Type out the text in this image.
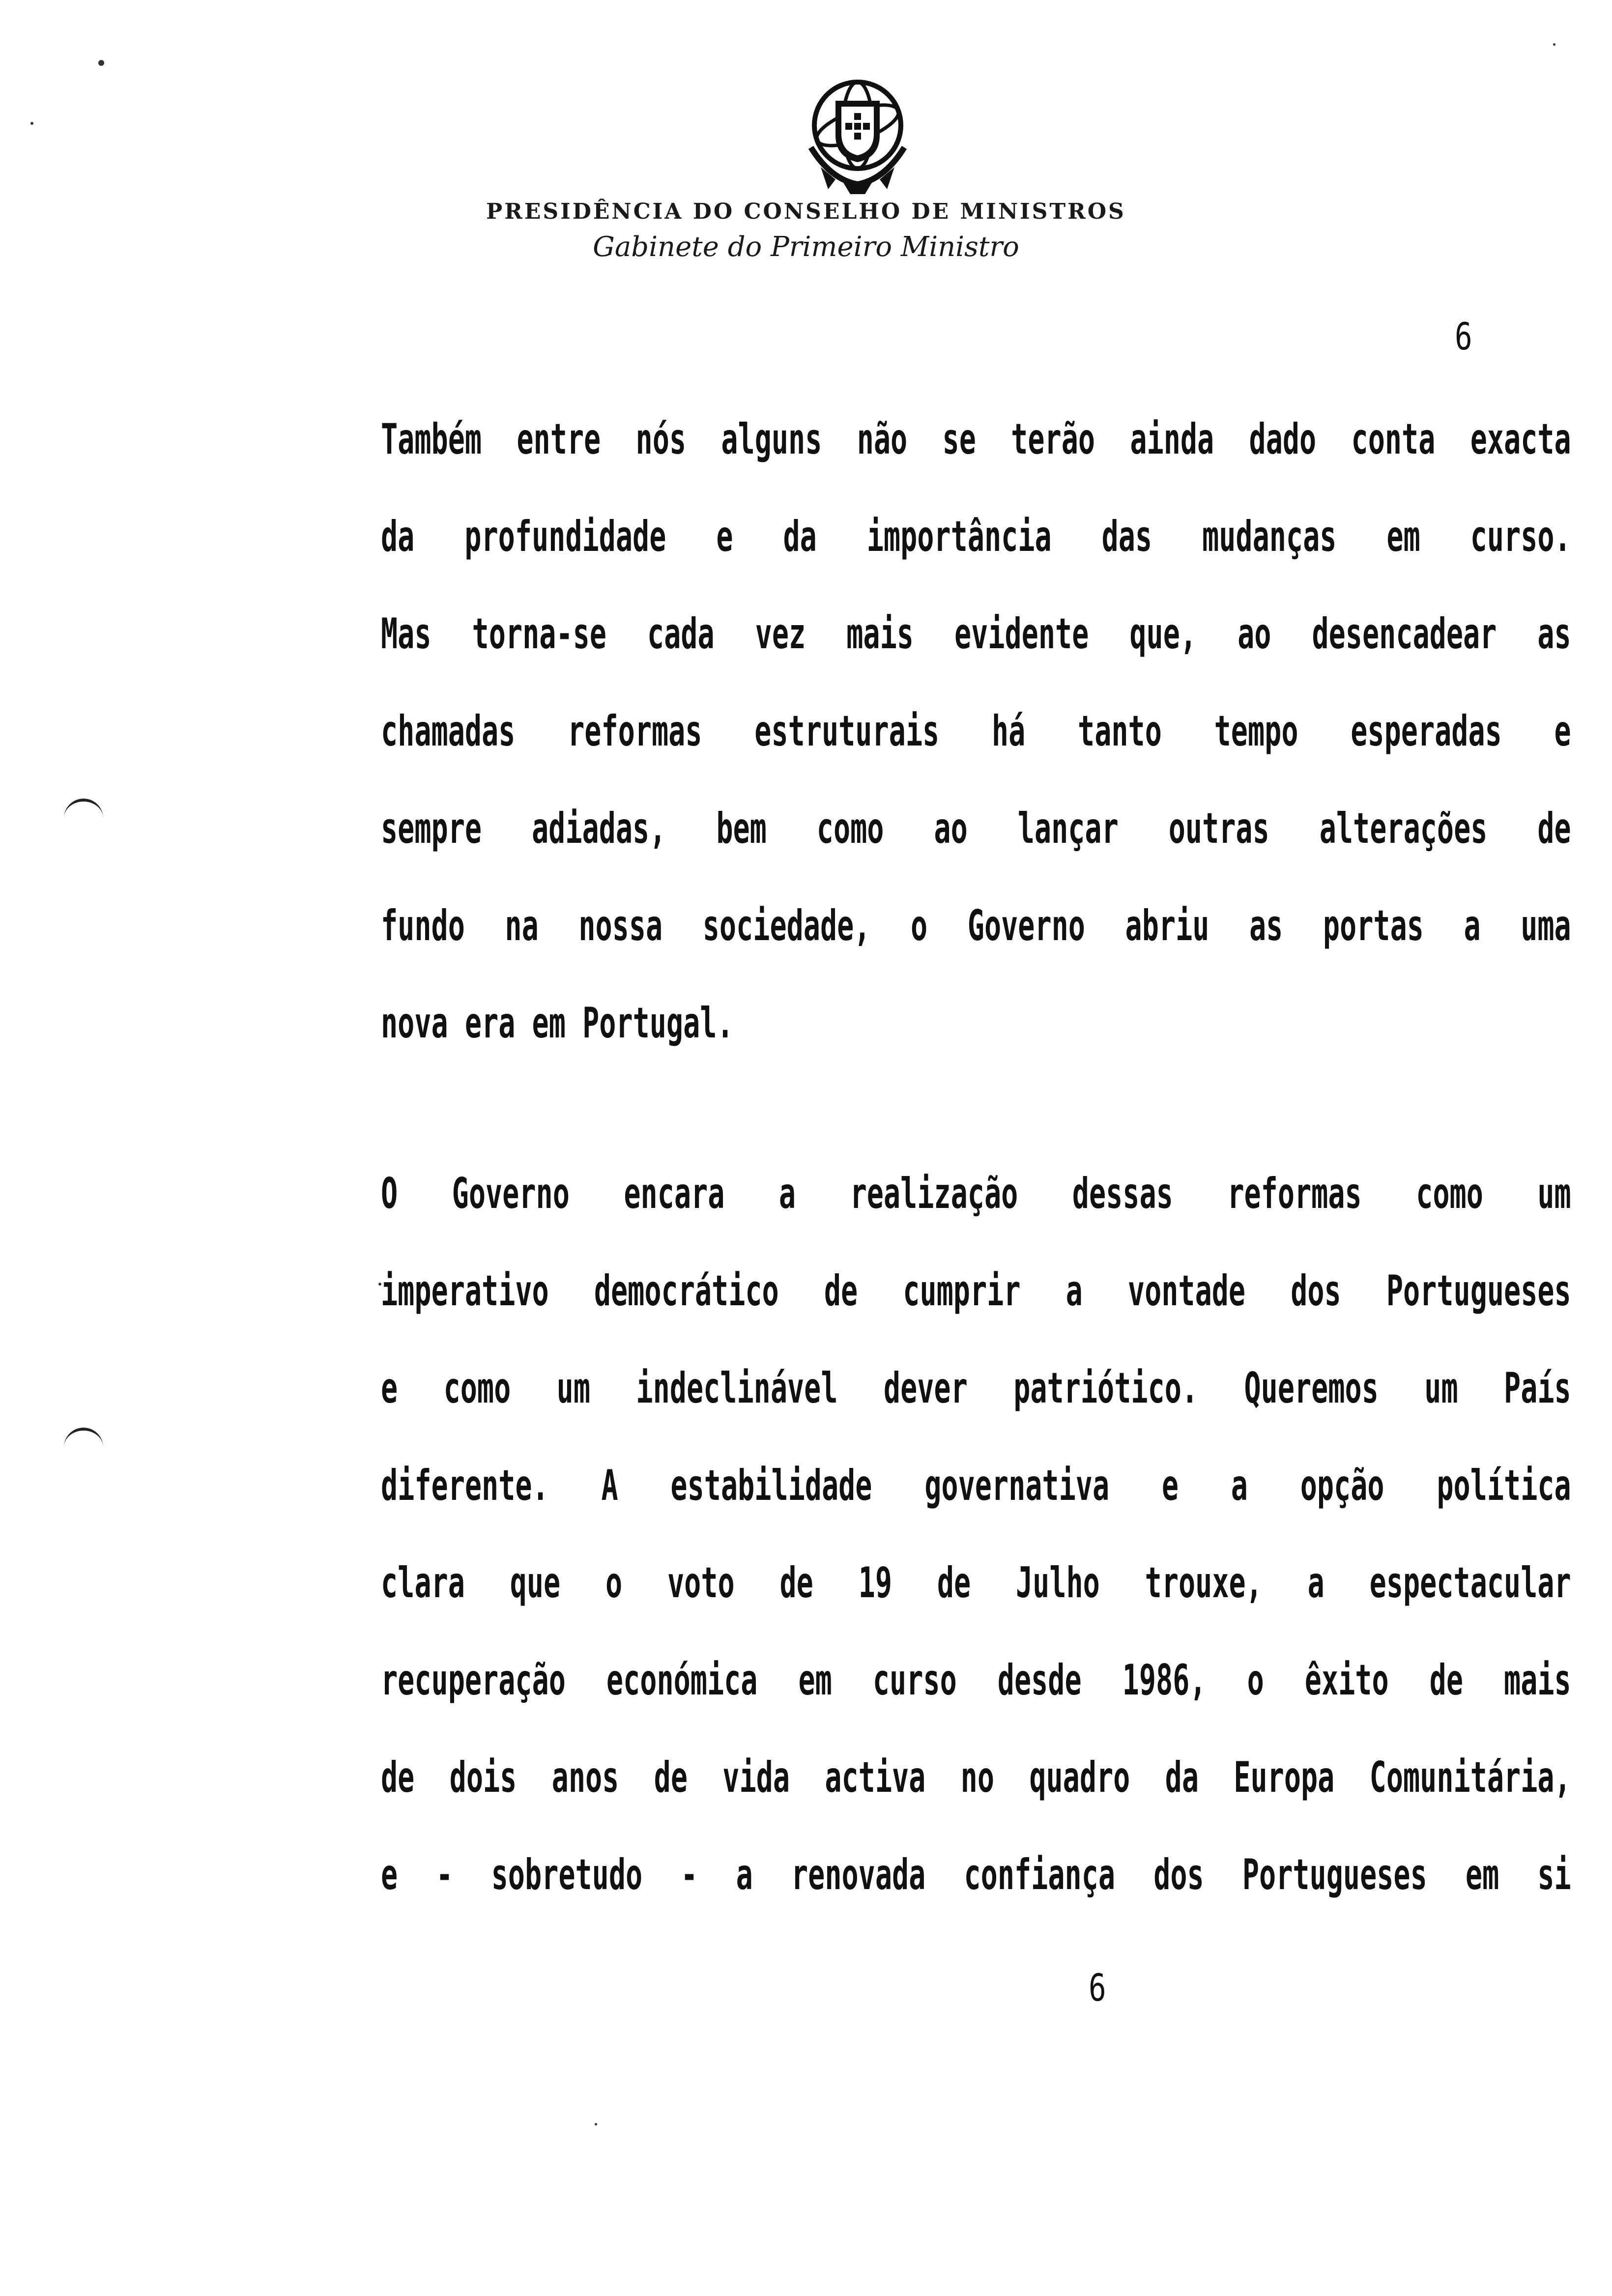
PRESIDÊNCIA DO CONSELHO DE MINISTROS
Gabinete do Primeiro Ministro
6
Também entre nós alguns não se terão ainda dado conta exacta
da profundidade e da importância das mudanças em curso.
Mas torna-se cada vez mais evidente que, ao desencadear as
chamadas reformas estruturais há tanto tempo esperadas e
sempre adiadas, bem como ao lançar outras alterações de
fundo na nossa sociedade, o Governo abriu as portas a uma
nova era em Portugal.
O Governo encara a realização dessas reformas como um
imperativo democrático de cumprir a vontade dos Portugueses
e como um indeclinável dever patriótico. Queremos um País
diferente. A estabilidade governativa e a opção política
clara que o voto de 19 de Julho trouxe, a espectacular
recuperação económica em curso desde 1986, o êxito de mais
de dois anos de vida activa no quadro da Europa Comunitária,
e - sobretudo - a renovada confiança dos Portugueses em si
6
